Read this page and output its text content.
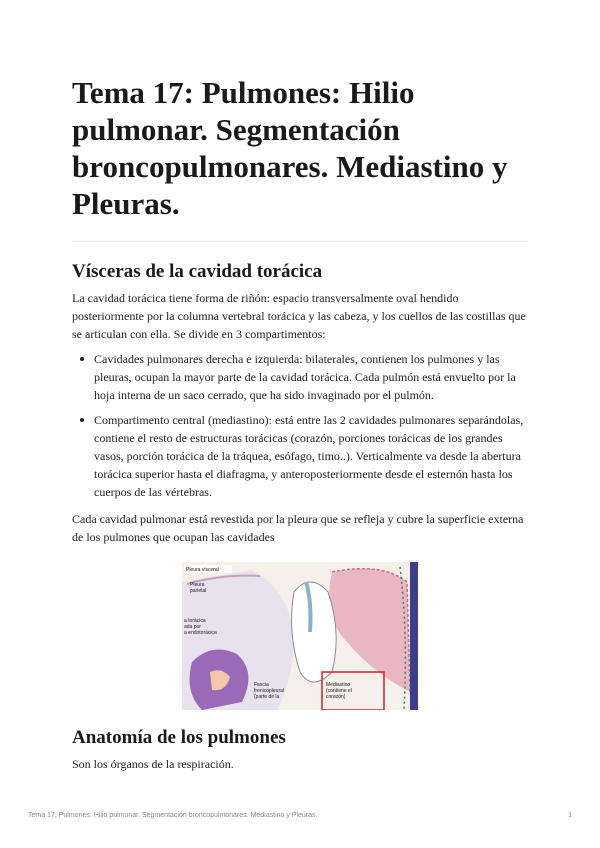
Tema 17: Pulmones: Hilio pulmonar. Segmentación broncopulmonares. Mediastino y Pleuras.
Vísceras de la cavidad torácica

La cavidad torácica tiene forma de riñón: espacio transversalmente oval hendido posteriormente por la columna vertebral torácica y las cabeza, y los cuellos de las costillas que se articulan con ella. Se divide en 3 compartimentos:

Cavidades pulmonares derecha e izquierda: bilaterales, contienen los pulmones y las pleuras, ocupan la mayor parte de la cavidad torácica. Cada pulmón está envuelto por la hoja interna de un saco cerrado, que ha sido invaginado por el pulmón.
Compartimento central (mediastino): está entre las 2 cavidades pulmonares separándolas, contiene el resto de estructuras torácicas (corazón, porciones torácicas de los grandes vasos, porción torácica de la tráquea, esófago, timo..). Verticalmente va desde la abertura torácica superior hasta el diafragma, y anteroposteriormente desde el esternón hasta los cuerpos de las vértebras.

Cada cavidad pulmonar está revestida por la pleura que se refleja y cubre la superficie externa de los pulmones que ocupan las cavidades

Pleura visceral
Pleura
parietal
a torácica
ada por
a endotorácica
Fascia
frenicopleural
(parte de la
Mediastino
(contiene el
corazón)
Anatomía de los pulmones

Son los órganos de la respiración.

Tema 17: Pulmones: Hilio pulmonar. Segmentación broncopulmonares. Mediastino y Pleuras.	1
